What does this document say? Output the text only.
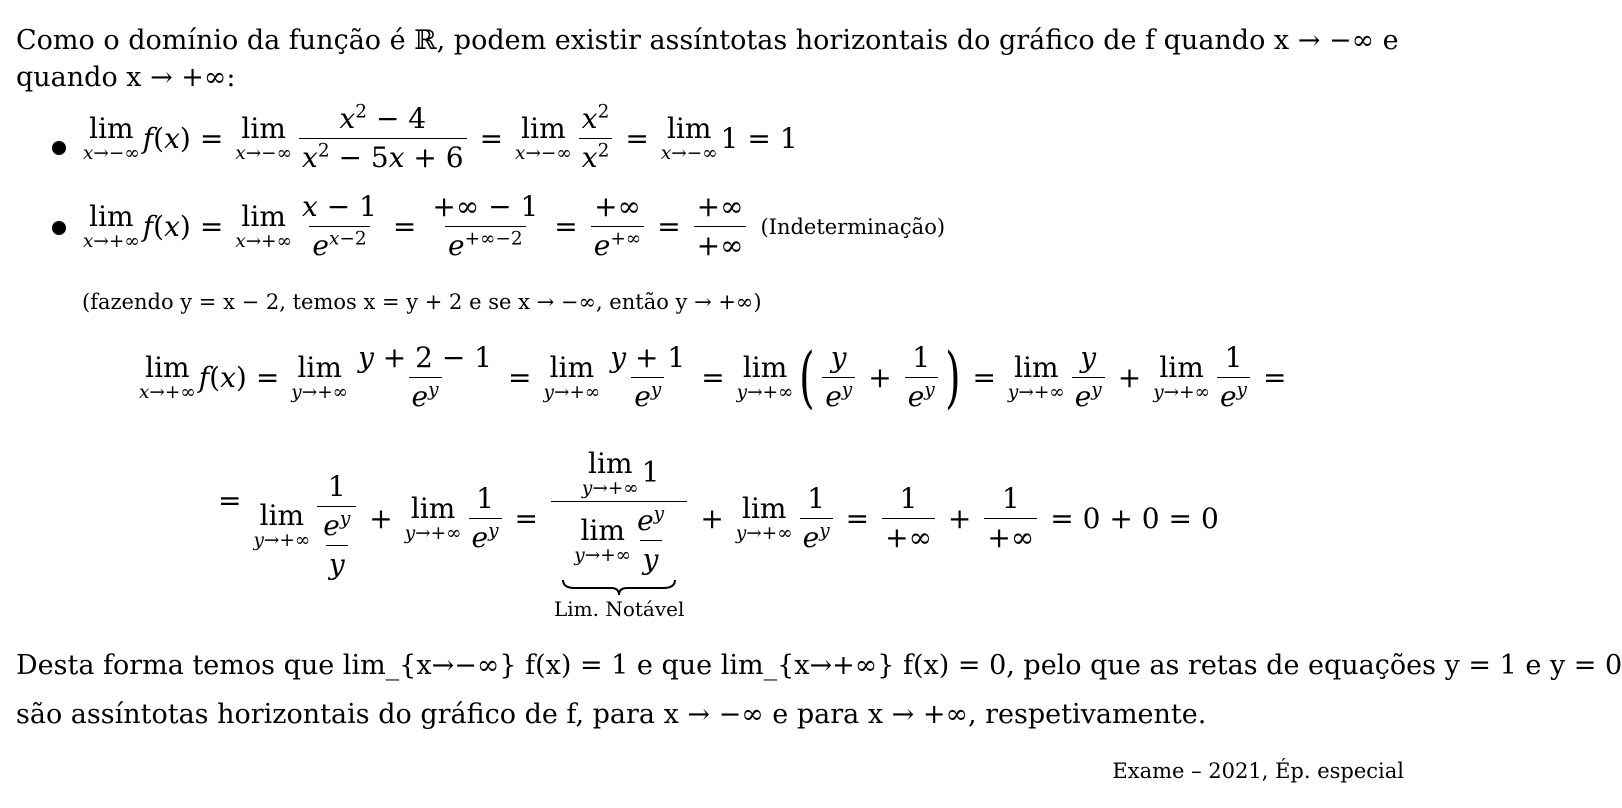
Como o domínio da função é ℝ, podem existir assíntotas horizontais do gráfico de f quando x → −∞ e
quando x → +∞:
lim
x→−∞ f(x) = lim
$x\to-\infty \frac{x^2 - 4}{x^2 - 5x + 6} = \lim$
$x\to-\infty \frac{x^2}{x^2} = \lim$
x→−∞ 1 = 1
lim
x→+∞ f(x) = lim
$x\to+\infty \frac{x - 1}{e^{x-2}} = \frac{+\infty - 1}{e^{+\infty-2}} = \frac{+\infty}{e^{+\infty}} = \frac{+\infty}{+\infty}$ (Indeterminação)
(fazendo y = x − 2, temos x = y + 2 e se x → −∞, então y → +∞)
lim
x→+∞ f(x) = lim
$y\to+\infty \frac{y + 2 - 1}{e^y} = \lim$
$y\to+\infty \frac{y + 1}{e^y} = \lim$
y→+∞ ( $\frac{y}{e^y} + \frac{1}{e^y}$ ) = lim
$y\to+\infty \frac{y}{e^y} + \lim$
$y\to+\infty \frac{1}{e^y}$ =
= lim
$y\to+\infty \frac{1}{\frac{e^y}{y}} + \lim$
$y\to+\infty \frac{1}{e^y} = \lim$
y→+∞ 1
lim
$y\to+\infty \frac{e^y}{y}$
Lim. Notável + lim
$y\to+\infty \frac{1}{e^y} = \frac{1}{+\infty} + \frac{1}{+\infty} = 0 + 0 = 0$
Desta forma temos que lim_{x→−∞} f(x) = 1 e que lim_{x→+∞} f(x) = 0, pelo que as retas de equações y = 1 e y = 0
são assíntotas horizontais do gráfico de f, para x → −∞ e para x → +∞, respetivamente.
Exame – 2021, Ép. especial
